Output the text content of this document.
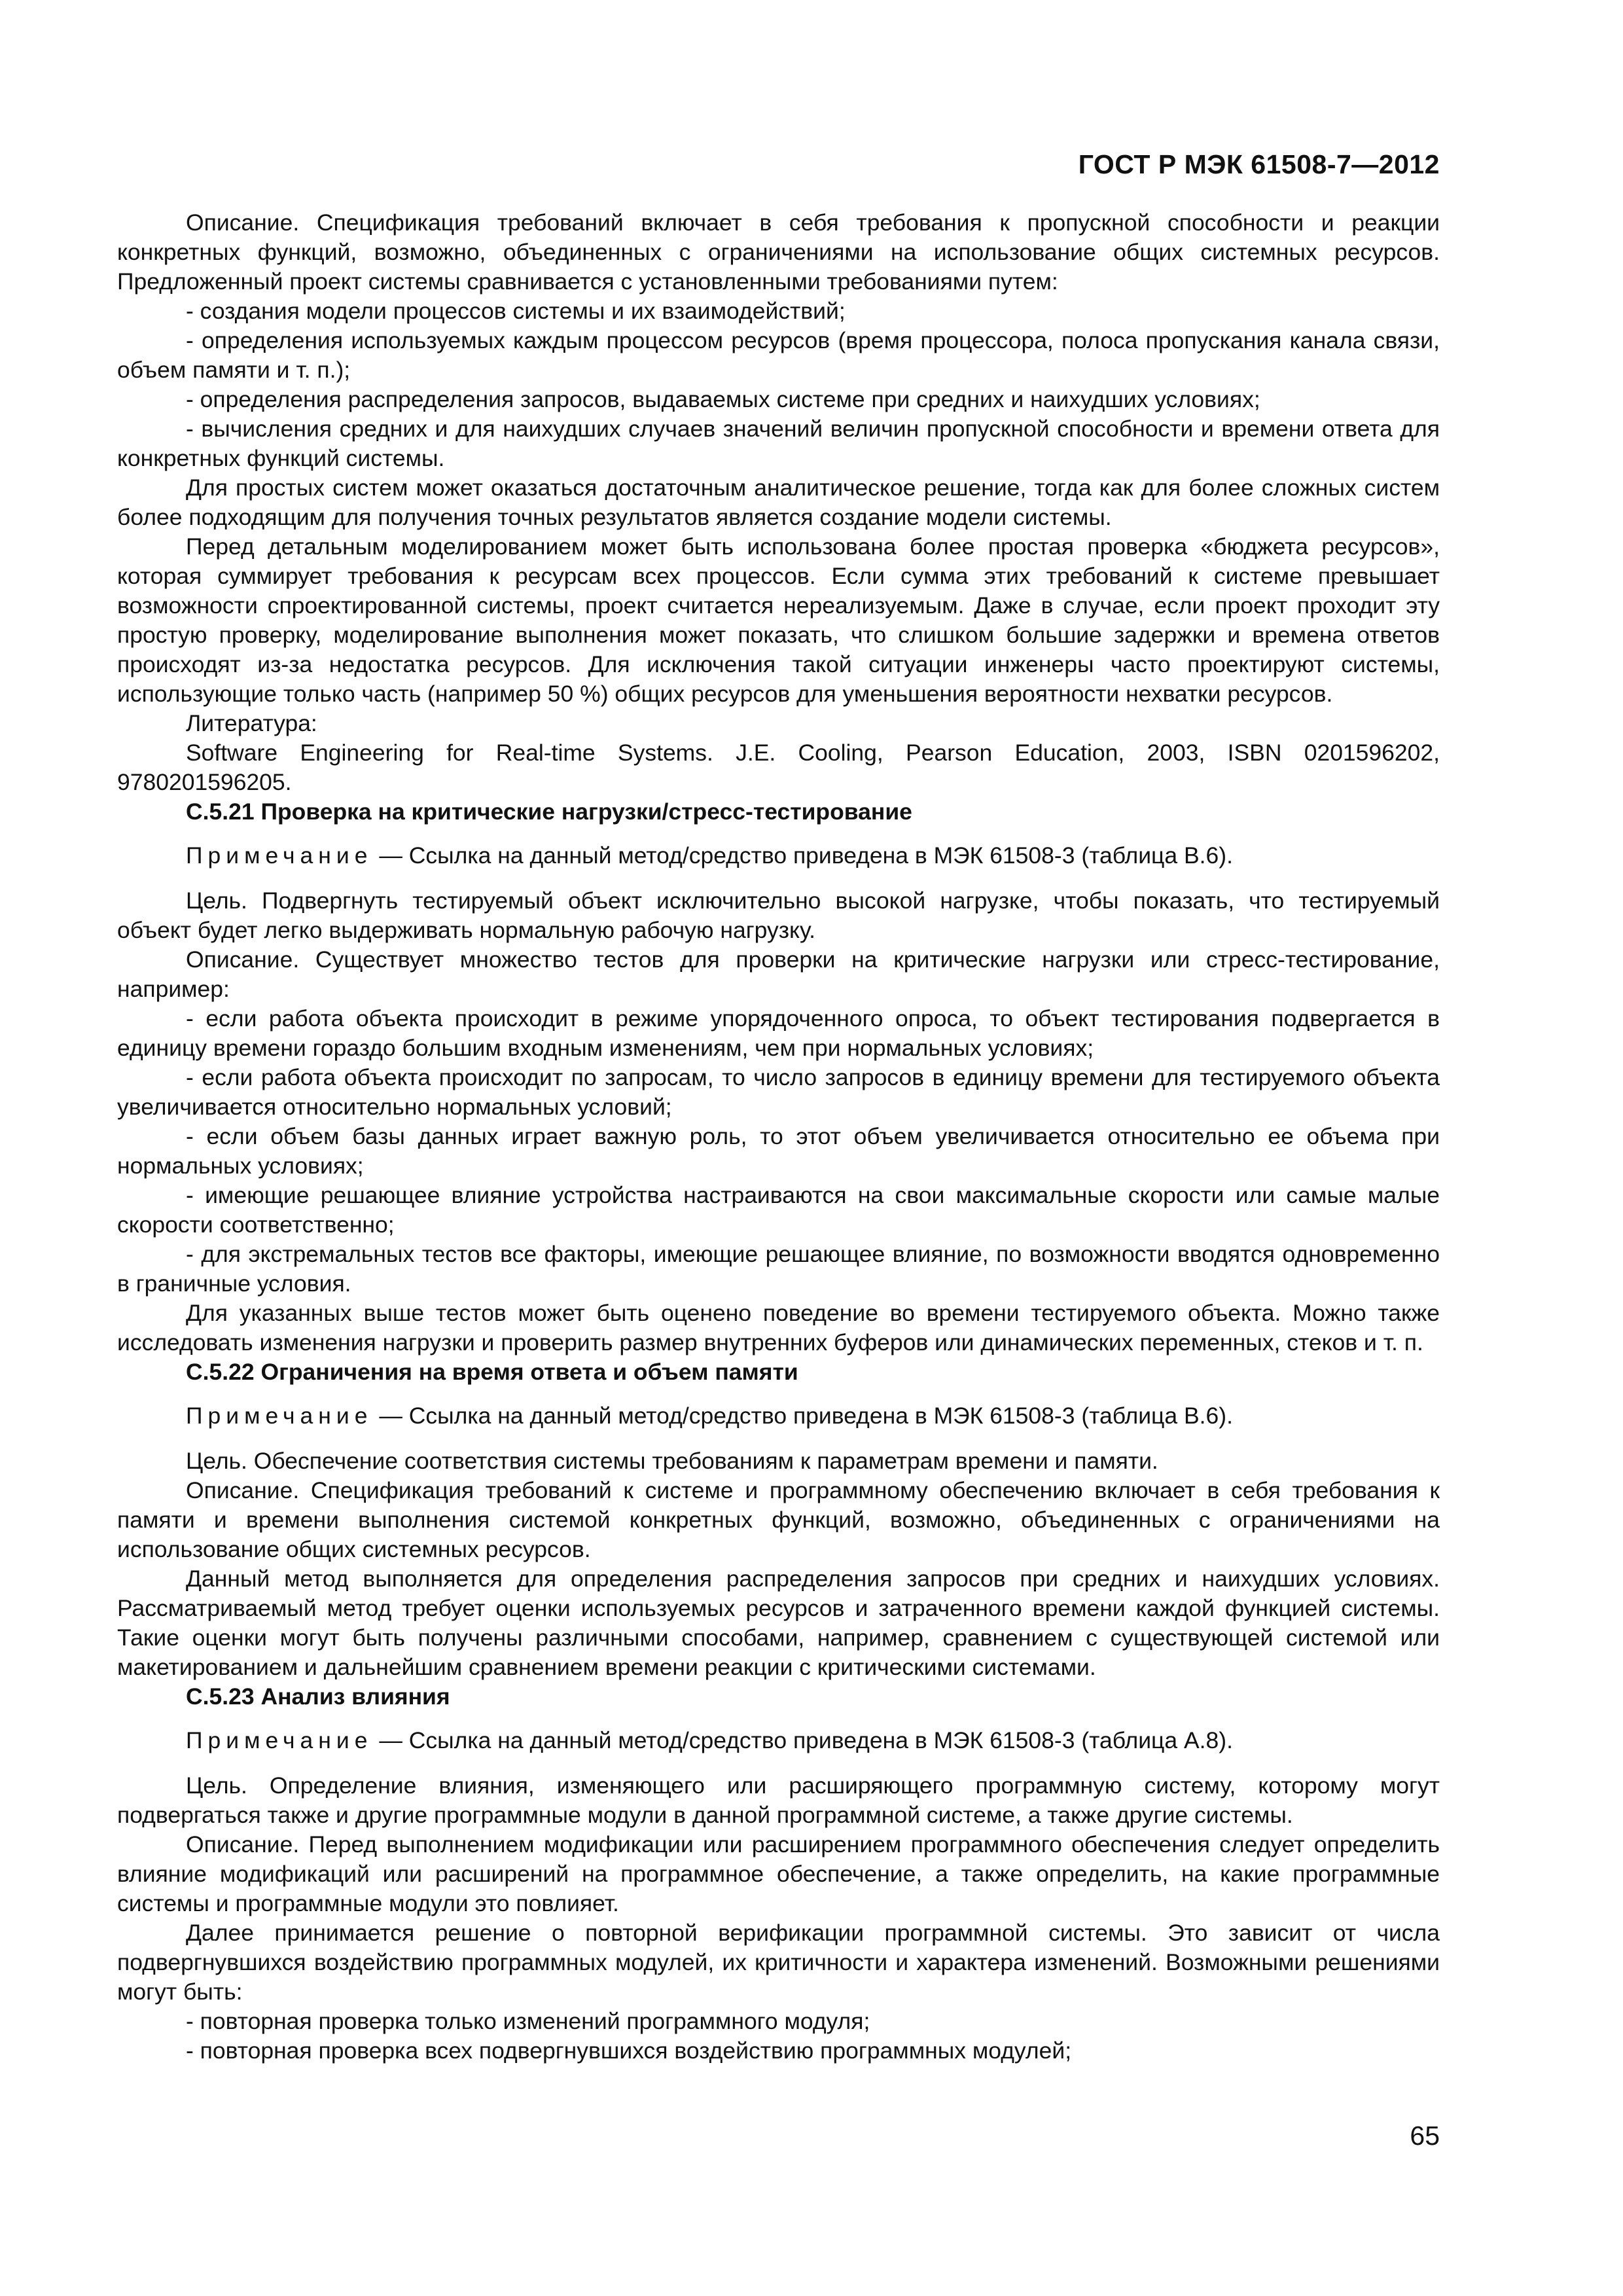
ГОСТ Р МЭК 61508-7—2012

Описание. Спецификация требований включает в себя требования к пропускной способности и реакции конкретных функций, возможно, объединенных с ограничениями на использование общих системных ресурсов. Предложенный проект системы сравнивается с установленными требованиями путем:

- создания модели процессов системы и их взаимодействий;

- определения используемых каждым процессом ресурсов (время процессора, полоса пропускания канала связи, объем памяти и т. п.);

- определения распределения запросов, выдаваемых системе при средних и наихудших условиях;

- вычисления средних и для наихудших случаев значений величин пропускной способности и времени ответа для конкретных функций системы.

Для простых систем может оказаться достаточным аналитическое решение, тогда как для более сложных систем более подходящим для получения точных результатов является создание модели системы.

Перед детальным моделированием может быть использована более простая проверка «бюджета ресурсов», которая суммирует требования к ресурсам всех процессов. Если сумма этих требований к системе превышает возможности спроектированной системы, проект считается нереализуемым. Даже в случае, если проект проходит эту простую проверку, моделирование выполнения может показать, что слишком большие задержки и времена ответов происходят из-за недостатка ресурсов. Для исключения такой ситуации инженеры часто проектируют системы, использующие только часть (например 50 %) общих ресурсов для уменьшения вероятности нехватки ресурсов.

Литература:

Software Engineering for Real-time Systems. J.E. Cooling, Pearson Education, 2003, ISBN 0201596202, 9780201596205.

C.5.21 Проверка на критические нагрузки/стресс-тестирование

Примечание — Ссылка на данный метод/средство приведена в МЭК 61508-3 (таблица B.6).

Цель. Подвергнуть тестируемый объект исключительно высокой нагрузке, чтобы показать, что тестируемый объект будет легко выдерживать нормальную рабочую нагрузку.

Описание. Существует множество тестов для проверки на критические нагрузки или стресс-тестирование, например:

- если работа объекта происходит в режиме упорядоченного опроса, то объект тестирования подвергается в единицу времени гораздо большим входным изменениям, чем при нормальных условиях;

- если работа объекта происходит по запросам, то число запросов в единицу времени для тестируемого объекта увеличивается относительно нормальных условий;

- если объем базы данных играет важную роль, то этот объем увеличивается относительно ее объема при нормальных условиях;

- имеющие решающее влияние устройства настраиваются на свои максимальные скорости или самые малые скорости соответственно;

- для экстремальных тестов все факторы, имеющие решающее влияние, по возможности вводятся одновременно в граничные условия.

Для указанных выше тестов может быть оценено поведение во времени тестируемого объекта. Можно также исследовать изменения нагрузки и проверить размер внутренних буферов или динамических переменных, стеков и т. п.

C.5.22 Ограничения на время ответа и объем памяти

Примечание — Ссылка на данный метод/средство приведена в МЭК 61508-3 (таблица B.6).

Цель. Обеспечение соответствия системы требованиям к параметрам времени и памяти.

Описание. Спецификация требований к системе и программному обеспечению включает в себя требования к памяти и времени выполнения системой конкретных функций, возможно, объединенных с ограничениями на использование общих системных ресурсов.

Данный метод выполняется для определения распределения запросов при средних и наихудших условиях. Рассматриваемый метод требует оценки используемых ресурсов и затраченного времени каждой функцией системы. Такие оценки могут быть получены различными способами, например, сравнением с существующей системой или макетированием и дальнейшим сравнением времени реакции с критическими системами.

C.5.23 Анализ влияния

Примечание — Ссылка на данный метод/средство приведена в МЭК 61508-3 (таблица A.8).

Цель. Определение влияния, изменяющего или расширяющего программную систему, которому могут подвергаться также и другие программные модули в данной программной системе, а также другие системы.

Описание. Перед выполнением модификации или расширением программного обеспечения следует определить влияние модификаций или расширений на программное обеспечение, а также определить, на какие программные системы и программные модули это повлияет.

Далее принимается решение о повторной верификации программной системы. Это зависит от числа подвергнувшихся воздействию программных модулей, их критичности и характера изменений. Возможными решениями могут быть:

- повторная проверка только изменений программного модуля;

- повторная проверка всех подвергнувшихся воздействию программных модулей;

65
